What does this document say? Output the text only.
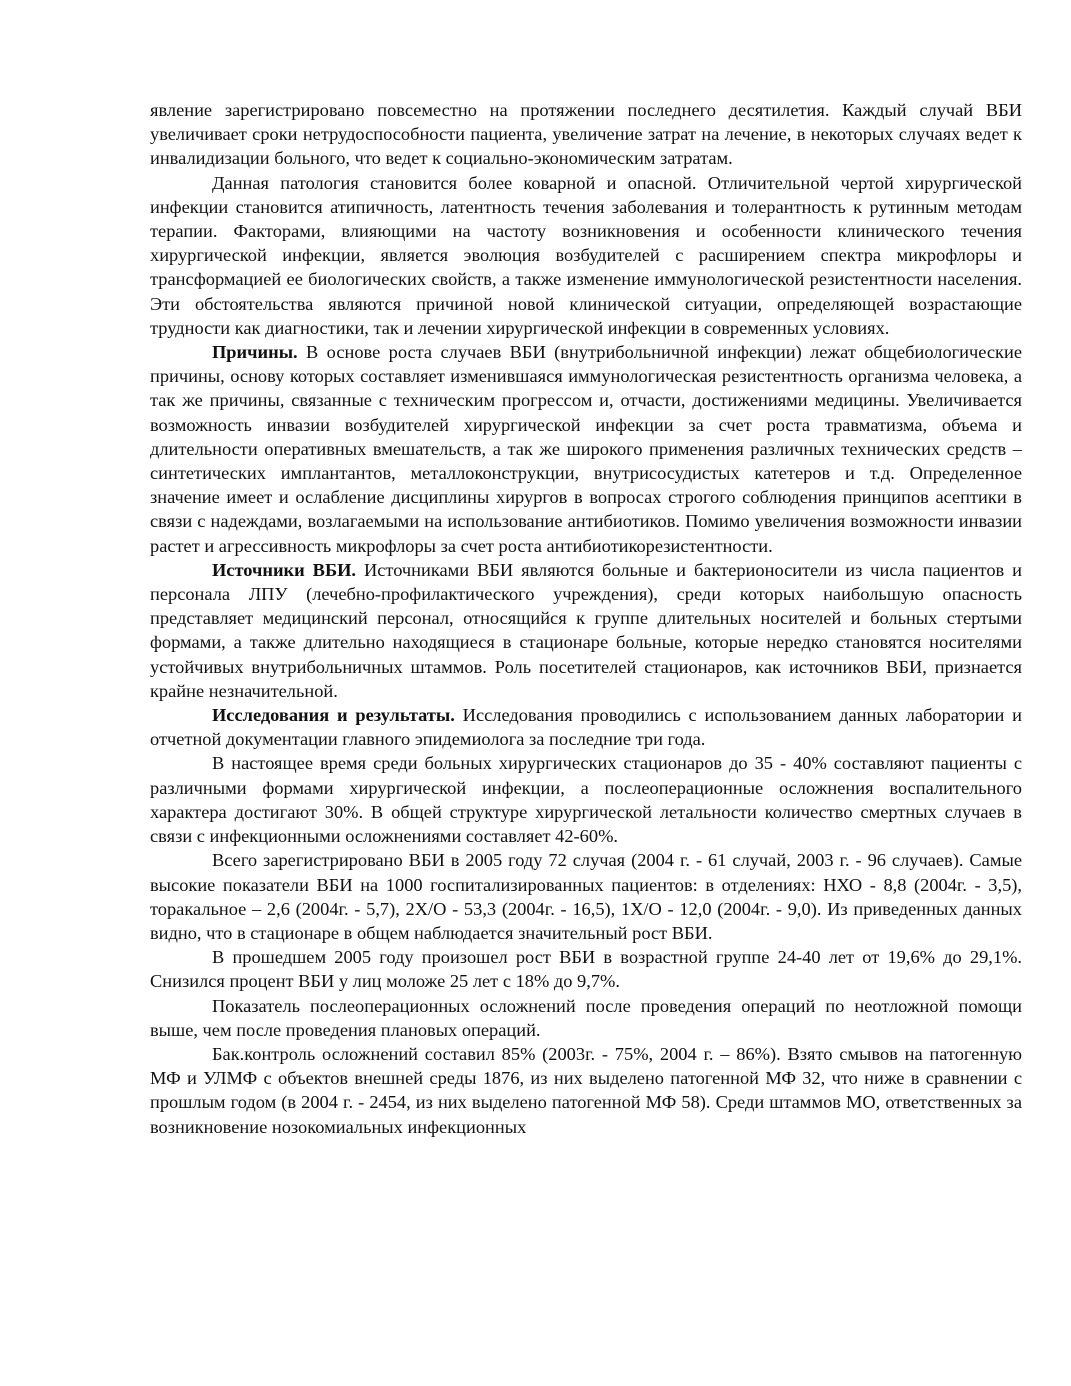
явление зарегистрировано повсеместно на протяжении последнего десятилетия. Каждый случай ВБИ увеличивает сроки нетрудоспособности пациента, увеличение затрат на лечение, в некоторых случаях ведет к инвалидизации больного, что ведет к социально-экономическим затратам.

Данная патология становится более коварной и опасной. Отличительной чертой хирургической инфекции становится атипичность, латентность течения заболевания и толерантность к рутинным методам терапии. Факторами, влияющими на частоту возникновения и особенности клинического течения хирургической инфекции, является эволюция возбудителей с расширением спектра микрофлоры и трансформацией ее биологических свойств, а также изменение иммунологической резистентности населения. Эти обстоятельства являются причиной новой клинической ситуации, определяющей возрастающие трудности как диагностики, так и лечении хирургической инфекции в современных условиях.

Причины. В основе роста случаев ВБИ (внутрибольничной инфекции) лежат общебиологические причины, основу которых составляет изменившаяся иммунологическая резистентность организма человека, а так же причины, связанные с техническим прогрессом и, отчасти, достижениями медицины. Увеличивается возможность инвазии возбудителей хирургической инфекции за счет роста травматизма, объема и длительности оперативных вмешательств, а так же широкого применения различных технических средств – синтетических имплантантов, металлоконструкции, внутрисосудистых катетеров и т.д. Определенное значение имеет и ослабление дисциплины хирургов в вопросах строгого соблюдения принципов асептики в связи с надеждами, возлагаемыми на использование антибиотиков. Помимо увеличения возможности инвазии растет и агрессивность микрофлоры за счет роста антибиотикорезистентности.

Источники ВБИ. Источниками ВБИ являются больные и бактерионосители из числа пациентов и персонала ЛПУ (лечебно-профилактического учреждения), среди которых наибольшую опасность представляет медицинский персонал, относящийся к группе длительных носителей и больных стертыми формами, а также длительно находящиеся в стационаре больные, которые нередко становятся носителями устойчивых внутрибольничных штаммов. Роль посетителей стационаров, как источников ВБИ, признается крайне незначительной.

Исследования и результаты. Исследования проводились с использованием данных лаборатории и отчетной документации главного эпидемиолога за последние три года.

В настоящее время среди больных хирургических стационаров до 35 - 40% составляют пациенты с различными формами хирургической инфекции, а послеоперационные осложнения воспалительного характера достигают 30%. В общей структуре хирургической летальности количество смертных случаев в связи с инфекционными осложнениями составляет 42-60%.

Всего зарегистрировано ВБИ в 2005 году 72 случая (2004 г. - 61 случай, 2003 г. - 96 случаев). Самые высокие показатели ВБИ на 1000 госпитализированных пациентов: в отделениях: НХО - 8,8 (2004г. - 3,5), торакальное – 2,6 (2004г. - 5,7), 2Х/О - 53,3 (2004г. - 16,5), 1Х/О - 12,0 (2004г. - 9,0). Из приведенных данных видно, что в стационаре в общем наблюдается значительный рост ВБИ.

В прошедшем 2005 году произошел рост ВБИ в возрастной группе 24-40 лет от 19,6% до 29,1%. Снизился процент ВБИ у лиц моложе 25 лет с 18% до 9,7%.

Показатель послеоперационных осложнений после проведения операций по неотложной помощи выше, чем после проведения плановых операций.

Бак.контроль осложнений составил 85% (2003г. - 75%, 2004 г. – 86%). Взято смывов на патогенную МФ и УЛМФ с объектов внешней среды 1876, из них выделено патогенной МФ 32, что ниже в сравнении с прошлым годом (в 2004 г. - 2454, из них выделено патогенной МФ 58). Среди штаммов МО, ответственных за возникновение нозокомиальных инфекционных
